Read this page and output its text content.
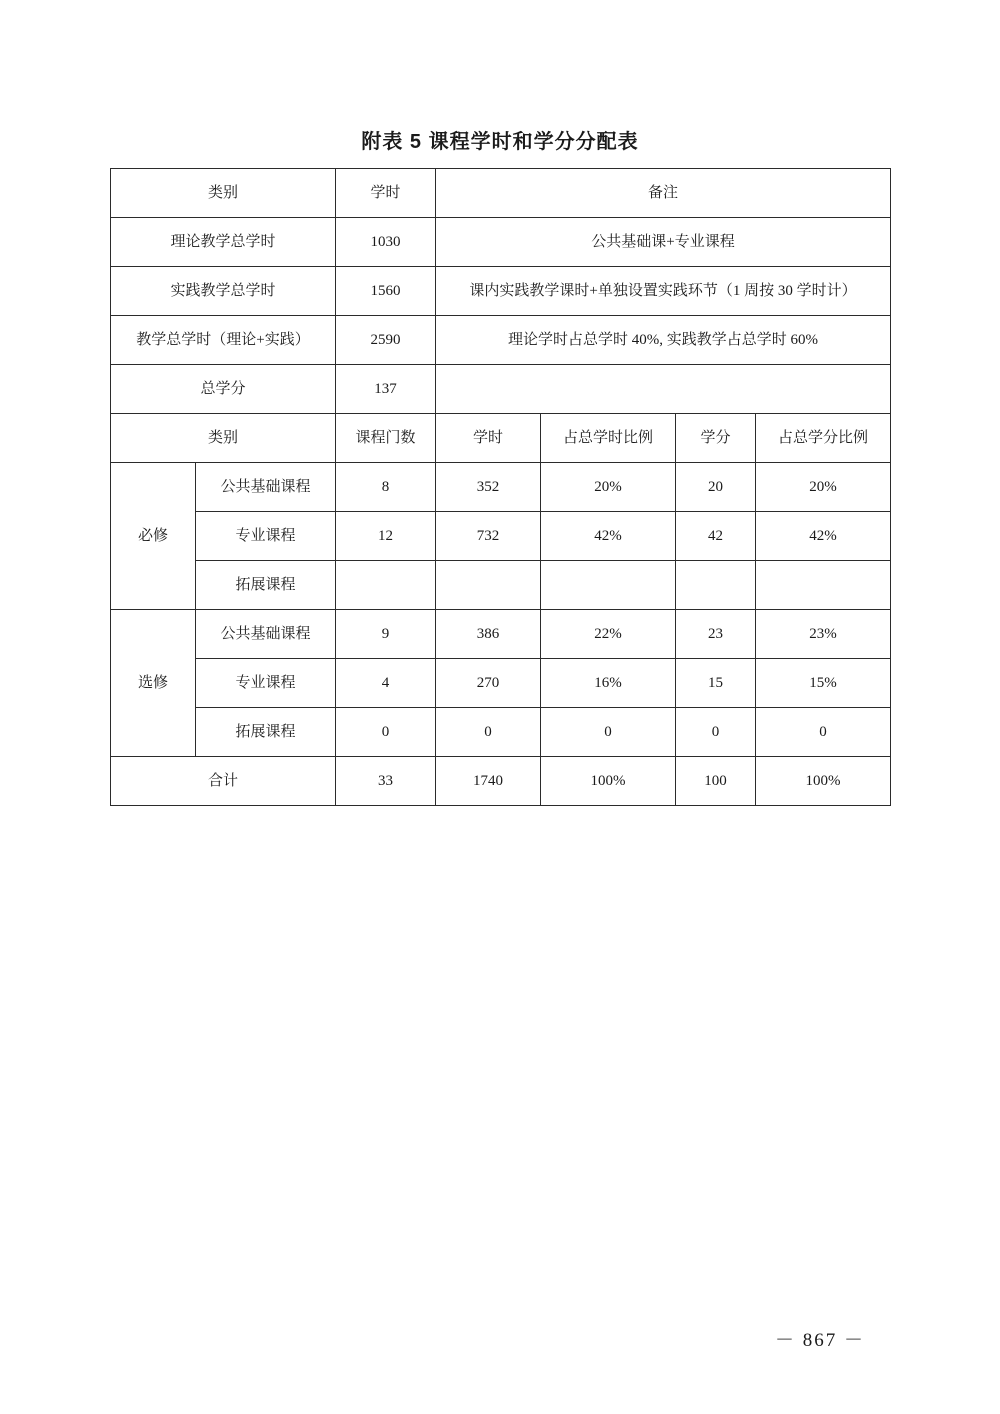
附表 5 课程学时和学分分配表
类别		学时	备注			
理论教学总学时		1030	公共基础课+专业课程			
实践教学总学时		1560	课内实践教学课时+单独设置实践环节（1 周按 30 学时计）			
教学总学时（理论+实践）		2590	理论学时占总学时 40%, 实践教学占总学时 60%			
总学分		137				
类别		课程门数	学时	占总学时比例	学分	占总学分比例
必修	公共基础课程	8	352	20%	20	20%
	专业课程	12	732	42%	42	42%
	拓展课程					
选修	公共基础课程	9	386	22%	23	23%
	专业课程	4	270	16%	15	15%
	拓展课程	0	0	0	0	0
合计		33	1740	100%	100	100%
－ 867 －
